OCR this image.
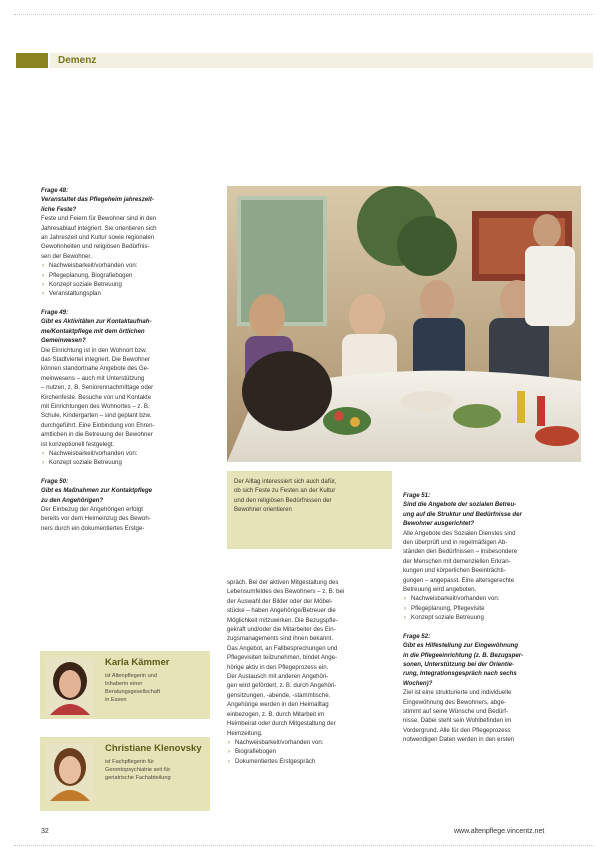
Demenz

Frage 48:

Veranstaltet das Pflegeheim jahreszeit-

liche Feste?

Feste und Feiern für Bewohner sind in den

Jahresablauf integriert. Sie orientieren sich

an Jahreszeit und Kultur sowie regionalen

Gewohnheiten und religiösen Bedürfnis-

sen der Bewohner.

› Nachweisbarkeit/vorhanden von:
› Pflegeplanung, Biografiebogen
› Konzept soziale Betreuung
› Veranstaltungsplan

Frage 49:

Gibt es Aktivitäten zur Kontaktaufnah-

me/Kontaktpflege mit dem örtlichen

Gemeinwesen?

Die Einrichtung ist in den Wohnort bzw.

das Stadtviertel integriert. Die Bewohner

können standortnahe Angebote des Ge-

meinwesens – auch mit Unterstützung

– nutzen, z. B. Seniorennachmittage oder

Kirchenfeste. Besuche von und Kontakte

mit Einrichtungen des Wohnortes – z. B.

Schule, Kindergarten – sind geplant bzw.

durchgeführt. Eine Einbindung von Ehren-

amtlichen in die Betreuung der Bewohner

ist konzeptionell festgelegt.

› Nachweisbarkeit/vorhanden von:
› Konzept soziale Betreuung

Frage 50:

Gibt es Maßnahmen zur Kontaktpflege

zu den Angehörigen?

Der Einbezug der Angehörigen erfolgt

bereits vor dem Heimeinzug des Bewoh-

ners durch ein dokumentiertes Erstge-

Der Alltag interessiert sich auch dafür,

ob sich Feste zu Festen an der Kultur

und den religiösen Bedürfnissen der

Bewohner orientieren

spräch. Bei der aktiven Mitgestaltung des

Lebensumfeldes des Bewohners – z. B. bei

der Auswahl der Bilder oder der Möbel-

stücke – haben Angehörige/Betreuer die

Möglichkeit mitzuwirken. Die Bezugspfle-

gekraft und/oder die Mitarbeiter des Ein-

zugsmanagements sind ihnen bekannt.

Das Angebot, an Fallbesprechungen und

Pflegevisiten teilzunehmen, bindet Ange-

hörige aktiv in den Pflegeprozess ein.

Der Austausch mit anderen Angehöri-

gen wird gefördert, z. B. durch Angehöri-

gensitzungen, -abende, -stammtische.

Angehörige werden in den Heimalltag

einbezogen, z. B. durch Mitarbeit im

Heimbeirat oder durch Mitgestaltung der

Heimzeitung.

› Nachweisbarkeit/vorhanden von:
› Biografiebogen
› Dokumentiertes Erstgespräch

Frage 51:

Sind die Angebote der sozialen Betreu-

ung auf die Struktur und Bedürfnisse der

Bewohner ausgerichtet?

Alle Angebote des Sozialen Dienstes sind

den überprüft und in regelmäßigen Ab-

ständen den Bedürfnissen – insbesondere

der Menschen mit demenziellen Erkran-

kungen und körperlichen Beeinträchti-

gungen – angepasst. Eine altersgerechte

Betreuung wird angeboten.

› Nachweisbarkeit/vorhanden von:
› Pflegeplanung, Pflegevisite
› Konzept soziale Betreuung

Frage 52:

Gibt es Hilfestellung zur Eingewöhnung

in die Pflegeeinrichtung (z. B. Bezugsper-

sonen, Unterstützung bei der Orientie-

rung, Integrationsgespräch nach sechs

Wochen)?

Ziel ist eine strukturierte und individuelle

Eingewöhnung des Bewohners, abge-

stimmt auf seine Wünsche und Bedürf-

nisse. Dabei steht sein Wohlbefinden im

Vordergrund. Alle für den Pflegeprozess

notwendigen Daten werden in den ersten

Karla Kämmer

ist Altenpflegerin und

Inhaberin einer

Beratungsgesellschaft

in Essen

Christiane Klenovsky

ist Fachpflegerin für

Gerontopsychiatrie seit für

geriatrische Fachabteilung

32	www.altenpflege.vincentz.net
